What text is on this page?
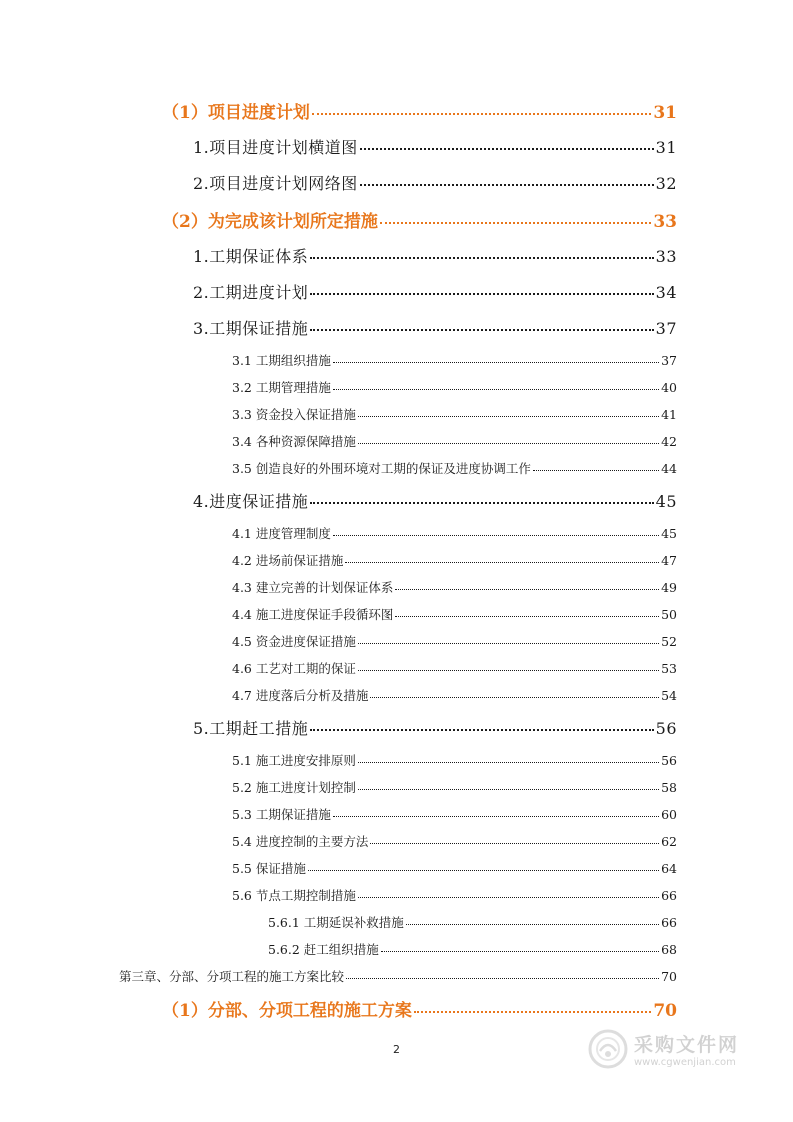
（1）项目进度计划	31
1.项目进度计划横道图	31
2.项目进度计划网络图	32
（2）为完成该计划所定措施	33
1.工期保证体系	33
2.工期进度计划	34
3.工期保证措施	37
3.1 工期组织措施	37
3.2 工期管理措施	40
3.3 资金投入保证措施	41
3.4 各种资源保障措施	42
3.5 创造良好的外围环境对工期的保证及进度协调工作	44
4.进度保证措施	45
4.1 进度管理制度	45
4.2 进场前保证措施	47
4.3 建立完善的计划保证体系	49
4.4 施工进度保证手段循环图	50
4.5 资金进度保证措施	52
4.6 工艺对工期的保证	53
4.7 进度落后分析及措施	54
5.工期赶工措施	56
5.1 施工进度安排原则	56
5.2 施工进度计划控制	58
5.3 工期保证措施	60
5.4 进度控制的主要方法	62
5.5 保证措施	64
5.6 节点工期控制措施	66
5.6.1 工期延误补救措施	66
5.6.2 赶工组织措施	68
第三章、分部、分项工程的施工方案比较	70
（1）分部、分项工程的施工方案	70
2	采购文件网
www.cgwenjian.com
